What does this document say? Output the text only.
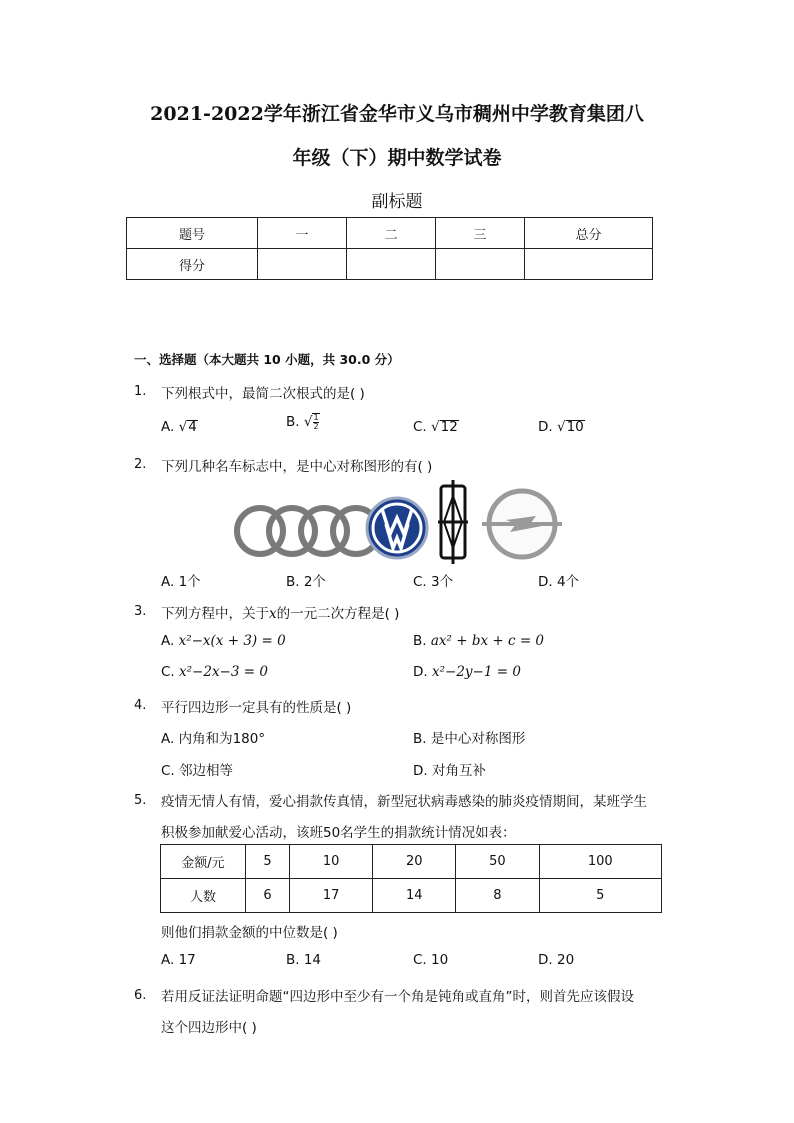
2021-2022学年浙江省金华市义乌市稠州中学教育集团八
年级（下）期中数学试卷
副标题
题号	一	二	三	总分
得分				
一、选择题（本大题共 10 小题，共 30.0 分）
1. 下列根式中，最简二次根式的是( )
A. √4	B. √ $\frac{1}{2}$	C. √12	D. √10
2. 下列几种名车标志中，是中心对称图形的有( )
A. 1个	B. 2个	C. 3个	D. 4个
3. 下列方程中，关于x的一元二次方程是( )
A. x²−x(x + 3) = 0	B. ax² + bx + c = 0
C. x²−2x−3 = 0	D. x²−2y−1 = 0
4. 平行四边形一定具有的性质是( )
A. 内角和为180°	B. 是中心对称图形
C. 邻边相等	D. 对角互补
5. 疫情无情人有情，爱心捐款传真情，新型冠状病毒感染的肺炎疫情期间，某班学生
积极参加献爱心活动，该班50名学生的捐款统计情况如表：
金额/元	5	10	20	50	100
人数	6	17	14	8	5
则他们捐款金额的中位数是( )
A. 17	B. 14	C. 10	D. 20
6. 若用反证法证明命题“四边形中至少有一个角是钝角或直角”时，则首先应该假设
这个四边形中( )
